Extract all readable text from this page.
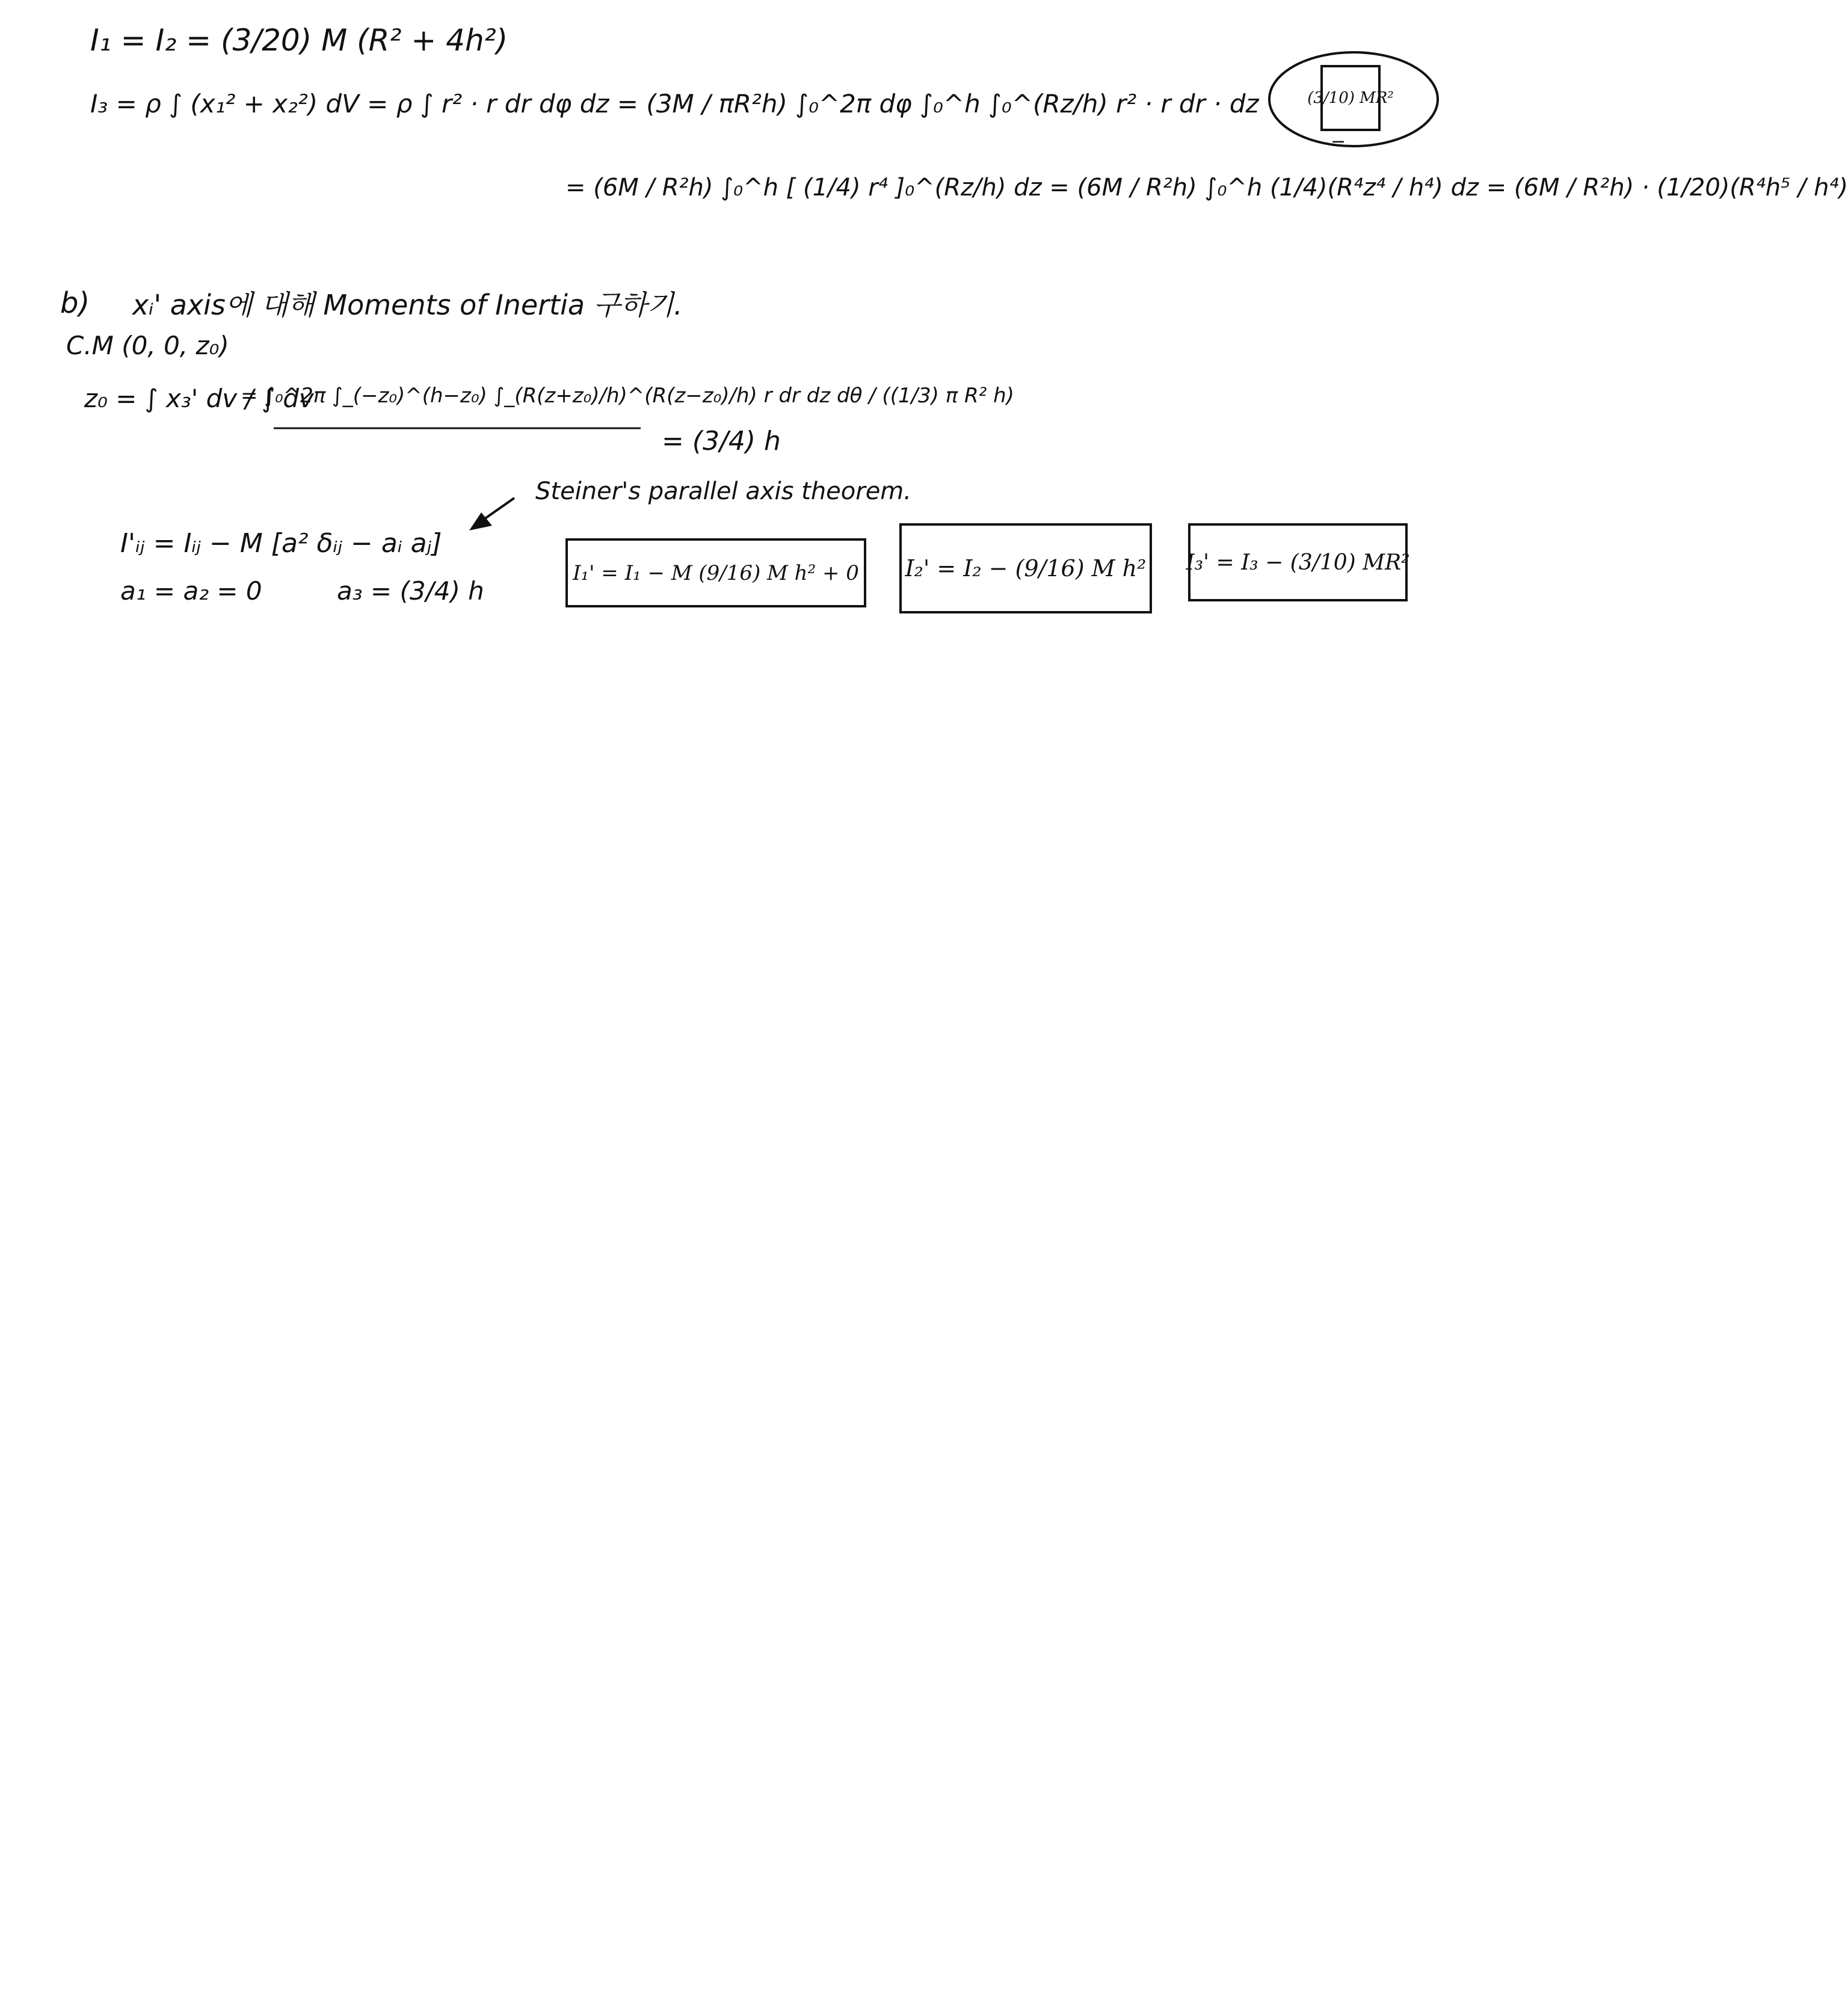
I₁ = I₂ = (3/20) M (R² + 4h²)
I₃ = ρ ∫ (x₁² + x₂²) dV = ρ ∫ r² · r dr dφ dz = (3M / πR²h) ∫₀^2π dφ ∫₀^h ∫₀^(Rz/h) r² · r dr · dz
= (6M / R²h) ∫₀^h [ (1/4) r⁴ ]₀^(Rz/h) dz = (6M / R²h) ∫₀^h (1/4)(R⁴z⁴ / h⁴) dz = (6M / R²h) · (1/20)(R⁴h⁵ / h⁴)
(3/10) MR²
=
b) xᵢ' axis에 대해 Moments of Inertia 구하기.
C.M (0, 0, z₀)
z₀ = ∫ x₃' dv / ∫ dv
= ∫₀^2π ∫_(−z₀)^(h−z₀) ∫_(R(z+z₀)/h)^(R(z−z₀)/h) r dr dz dθ / ((1/3) π R² h)
= (3/4) h
Steiner's parallel axis theorem.
I'ᵢⱼ = Iᵢⱼ − M [a² δᵢⱼ − aᵢ aⱼ]
a₁ = a₂ = 0	a₃ = (3/4) h
I₁' = I₁ − M (9/16) M h² + 0 I₂' = I₂ − (9/16) M h² I₃' = I₃ − (3/10) MR²
